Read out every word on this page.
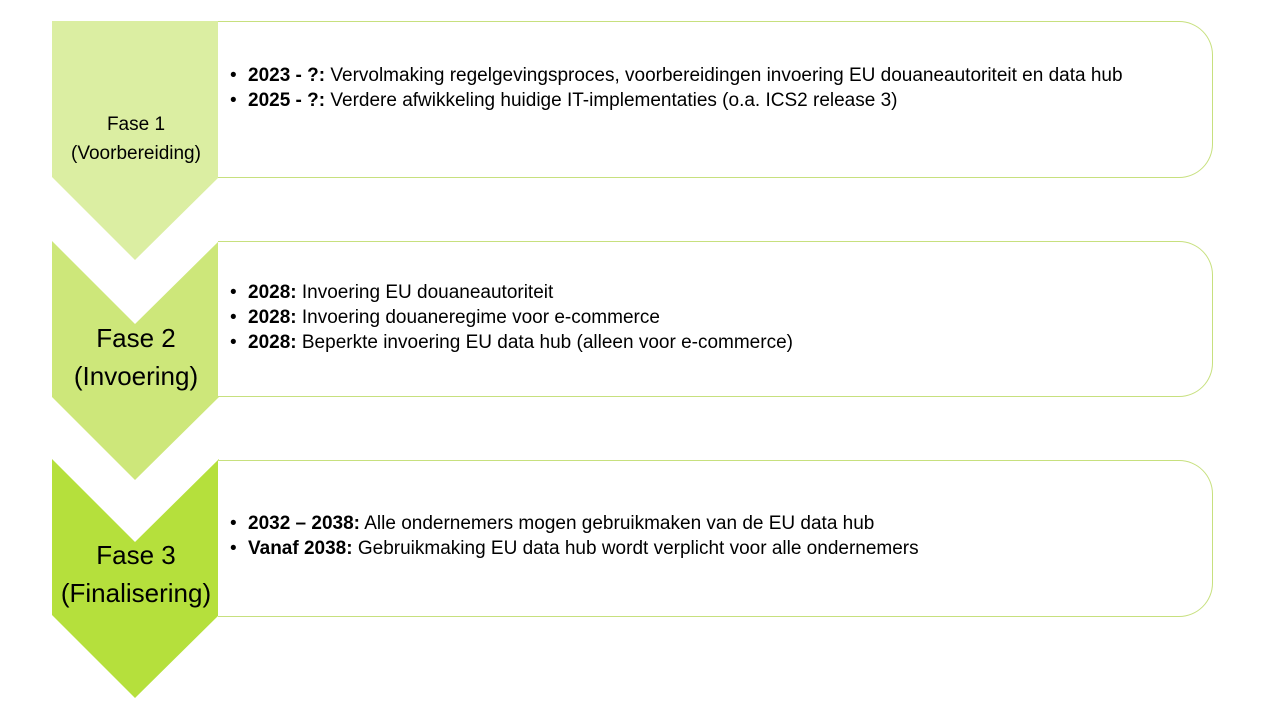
Fase 1
(Voorbereiding)
• 2023 - ?: Vervolmaking regelgevingsproces, voorbereidingen invoering EU douaneautoriteit en data hub
• 2025 - ?: Verdere afwikkeling huidige IT-implementaties (o.a. ICS2 release 3)
Fase 2
(Invoering)
• 2028: Invoering EU douaneautoriteit
• 2028: Invoering douaneregime voor e-commerce
• 2028: Beperkte invoering EU data hub (alleen voor e-commerce)
Fase 3
(Finalisering)
• 2032 – 2038: Alle ondernemers mogen gebruikmaken van de EU data hub
• Vanaf 2038: Gebruikmaking EU data hub wordt verplicht voor alle ondernemers
